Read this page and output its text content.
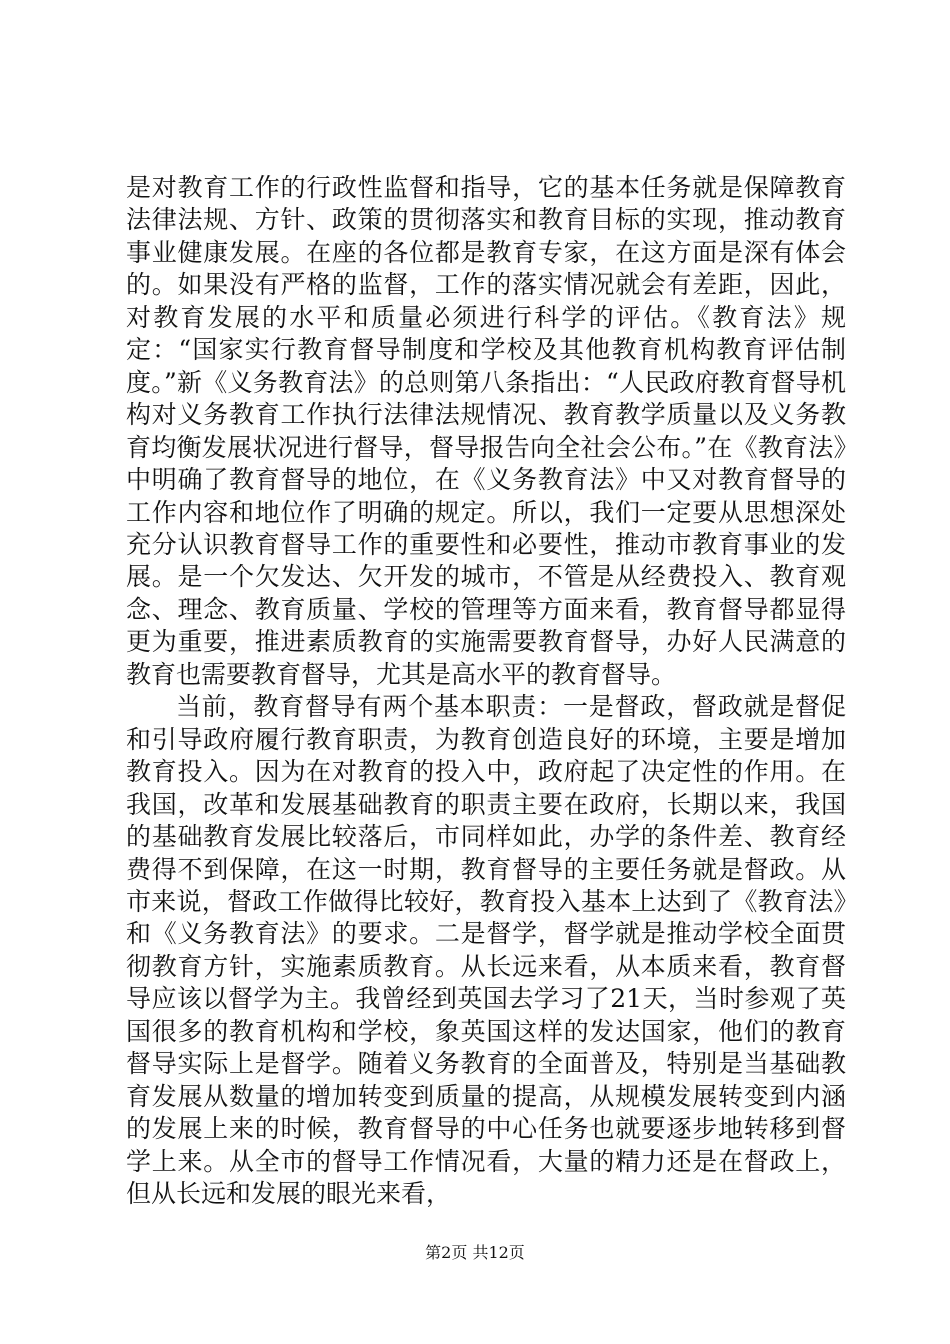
是对教育工作的行政性监督和指导，它的基本任务就是保障教育法律法规、方针、政策的贯彻落实和教育目标的实现，推动教育事业健康发展。在座的各位都是教育专家，在这方面是深有体会的。如果没有严格的监督，工作的落实情况就会有差距，因此，对教育发展的水平和质量必须进行科学的评估。《教育法》规定：“国家实行教育督导制度和学校及其他教育机构教育评估制度。”新《义务教育法》的总则第八条指出：“人民政府教育督导机构对义务教育工作执行法律法规情况、教育教学质量以及义务教育均衡发展状况进行督导，督导报告向全社会公布。”在《教育法》中明确了教育督导的地位，在《义务教育法》中又对教育督导的工作内容和地位作了明确的规定。所以，我们一定要从思想深处充分认识教育督导工作的重要性和必要性，推动市教育事业的发展。是一个欠发达、欠开发的城市，不管是从经费投入、教育观念、理念、教育质量、学校的管理等方面来看，教育督导都显得更为重要，推进素质教育的实施需要教育督导，办好人民满意的教育也需要教育督导，尤其是高水平的教育督导。

当前，教育督导有两个基本职责：一是督政，督政就是督促和引导政府履行教育职责，为教育创造良好的环境，主要是增加教育投入。因为在对教育的投入中，政府起了决定性的作用。在我国，改革和发展基础教育的职责主要在政府，长期以来，我国的基础教育发展比较落后，市同样如此，办学的条件差、教育经费得不到保障，在这一时期，教育督导的主要任务就是督政。从市来说，督政工作做得比较好，教育投入基本上达到了《教育法》和《义务教育法》的要求。二是督学，督学就是推动学校全面贯彻教育方针，实施素质教育。从长远来看，从本质来看，教育督导应该以督学为主。我曾经到英国去学习了21天，当时参观了英国很多的教育机构和学校，象英国这样的发达国家，他们的教育督导实际上是督学。随着义务教育的全面普及，特别是当基础教育发展从数量的增加转变到质量的提高，从规模发展转变到内涵的发展上来的时候，教育督导的中心任务也就要逐步地转移到督学上来。从全市的督导工作情况看，大量的精力还是在督政上，但从长远和发展的眼光来看，

第2页 共12页
